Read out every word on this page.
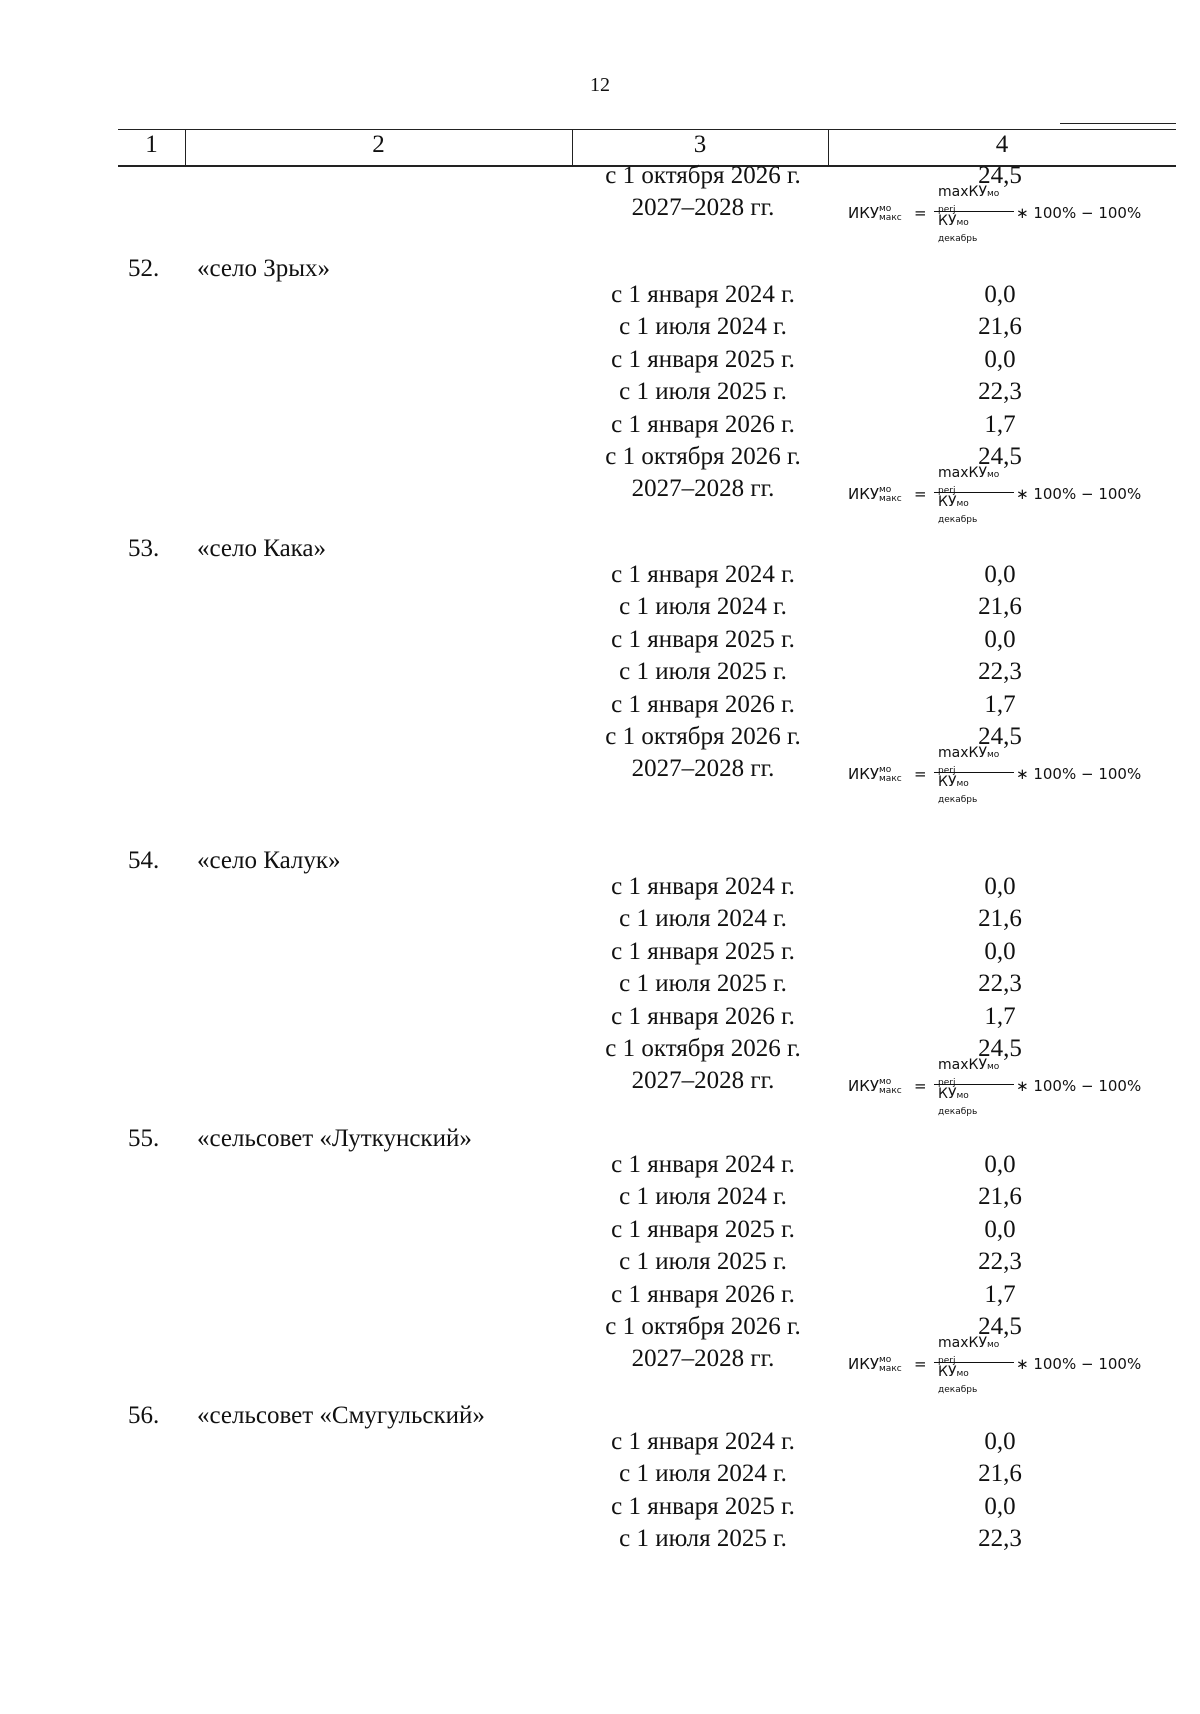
12
1	2	3	4
с 1 октября 2026 г.	24,5
2027–2028 гг.	ИКУмо
макс =
maxКУмо
perj
КУмо
декабрь
∗ 100% − 100%
52. «село Зрых»
с 1 января 2024 г.	0,0
с 1 июля 2024 г.	21,6
с 1 января 2025 г.	0,0
с 1 июля 2025 г.	22,3
с 1 января 2026 г.	1,7
с 1 октября 2026 г.	24,5
2027–2028 гг.	ИКУмо
макс =
maxКУмо
perj
КУмо
декабрь
∗ 100% − 100%
53. «село Кака»
с 1 января 2024 г.	0,0
с 1 июля 2024 г.	21,6
с 1 января 2025 г.	0,0
с 1 июля 2025 г.	22,3
с 1 января 2026 г.	1,7
с 1 октября 2026 г.	24,5
2027–2028 гг.	ИКУмо
макс =
maxКУмо
perj
КУмо
декабрь
∗ 100% − 100%
54. «село Калук»
с 1 января 2024 г.	0,0
с 1 июля 2024 г.	21,6
с 1 января 2025 г.	0,0
с 1 июля 2025 г.	22,3
с 1 января 2026 г.	1,7
с 1 октября 2026 г.	24,5
2027–2028 гг.	ИКУмо
макс =
maxКУмо
perj
КУмо
декабрь
∗ 100% − 100%
55. «сельсовет «Луткунский»
с 1 января 2024 г.	0,0
с 1 июля 2024 г.	21,6
с 1 января 2025 г.	0,0
с 1 июля 2025 г.	22,3
с 1 января 2026 г.	1,7
с 1 октября 2026 г.	24,5
2027–2028 гг.	ИКУмо
макс =
maxКУмо
perj
КУмо
декабрь
∗ 100% − 100%
56. «сельсовет «Смугульский»
с 1 января 2024 г.	0,0
с 1 июля 2024 г.	21,6
с 1 января 2025 г.	0,0
с 1 июля 2025 г.	22,3
